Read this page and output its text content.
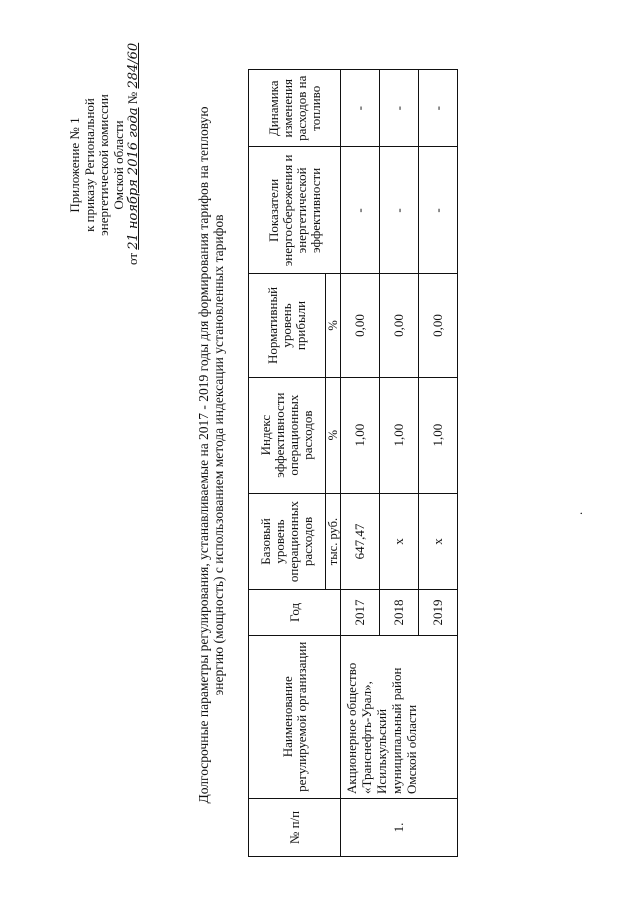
Приложение № 1 к приказу Региональной энергетической комиссии Омской области
от 21 ноября 2016 года № 284/60
Долгосрочные параметры регулирования, устанавливаемые на 2017 - 2019 годы для формирования тарифов на тепловую энергию (мощность) с использованием метода индексации установленных тарифов
№ п/п	Наименование регулируемой организации	Год	Базовый уровень операционных расходов	Индекс эффективности операционных расходов	Нормативный уровень прибыли	Показатели энергосбережения и энергетической эффективности	Динамика изменения расходов на топливо
			тыс. руб.	%	%		
1.	Акционерное общество «Транснефть-Урал», Исилькульский муниципальный район Омской области	2017	647,47	1,00	0,00	-	-
		2018	x	1,00	0,00	-	-
		2019	x	1,00	0,00	-	-
.
